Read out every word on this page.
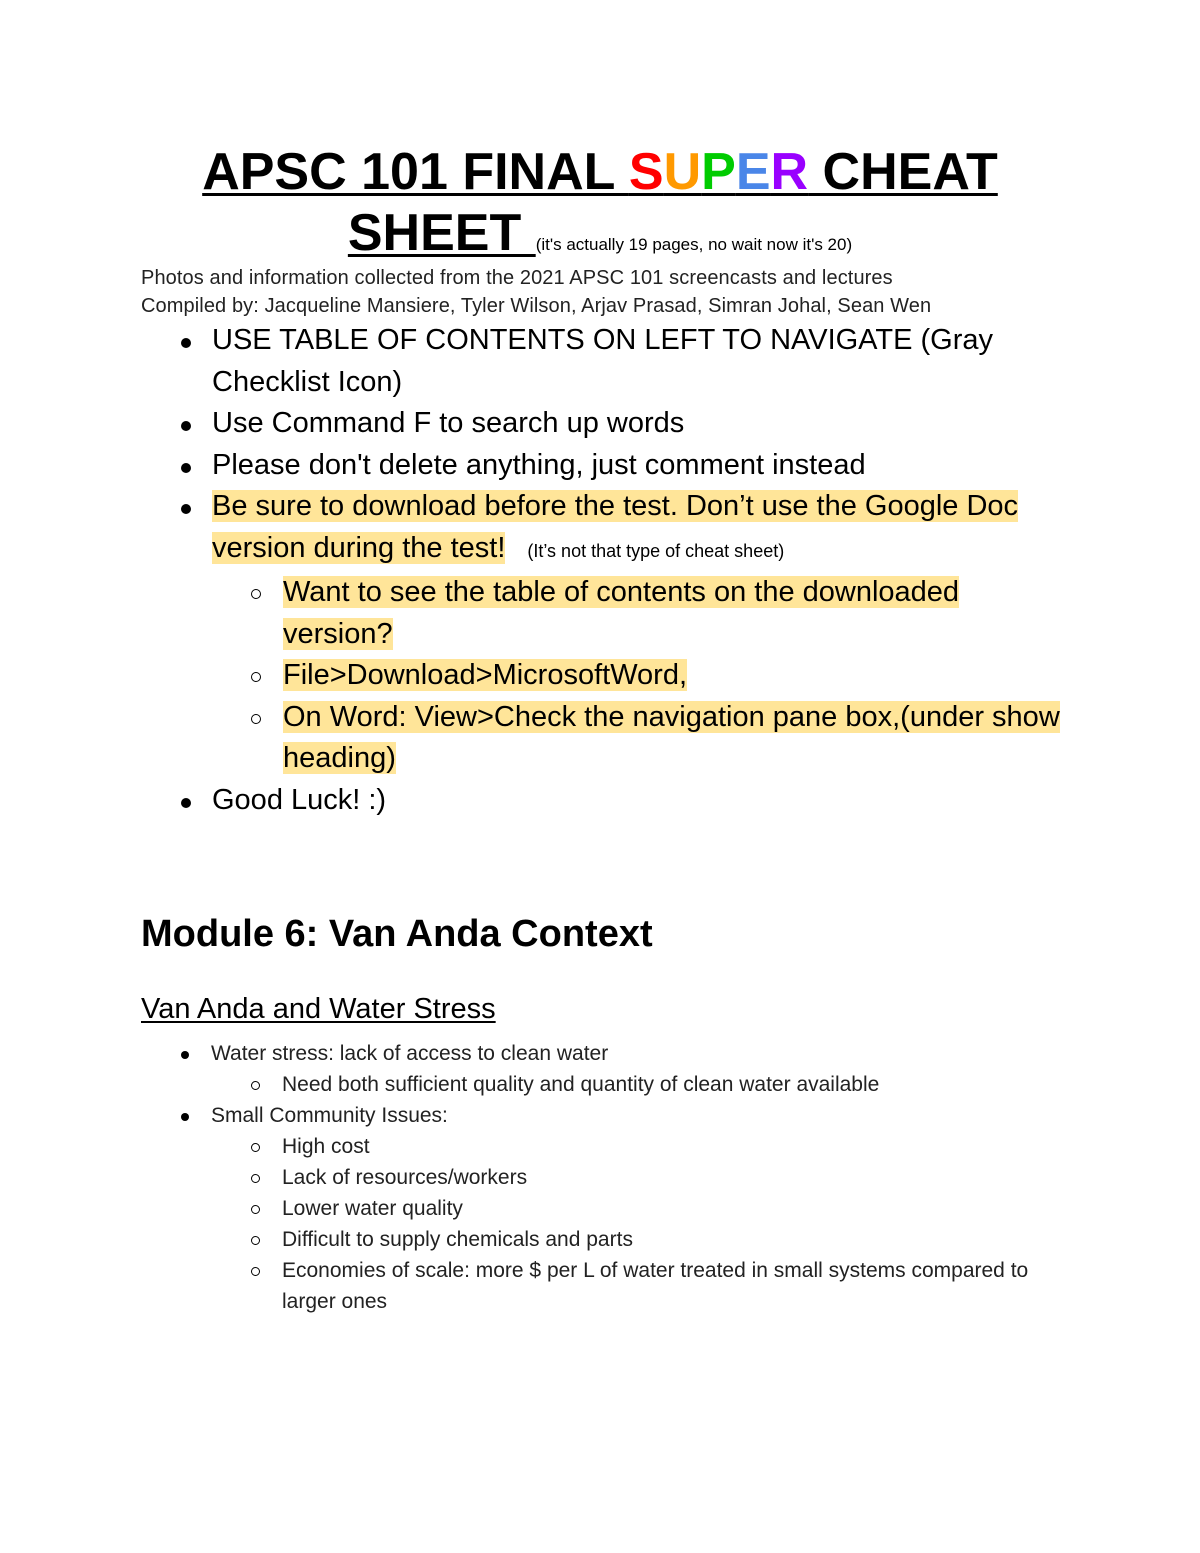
APSC 101 FINAL SUPER CHEAT
SHEET (it's actually 19 pages, no wait now it's 20)
Photos and information collected from the 2021 APSC 101 screencasts and lectures
Compiled by: Jacqueline Mansiere, Tyler Wilson, Arjav Prasad, Simran Johal, Sean Wen
USE TABLE OF CONTENTS ON LEFT TO NAVIGATE (Gray Checklist Icon)
Use Command F to search up words
Please don't delete anything, just comment instead
Be sure to download before the test. Don’t use the Google Doc version during the test! (It’s not that type of cheat sheet)
Want to see the table of contents on the downloaded version?
File>Download>MicrosoftWord,
On Word: View>Check the navigation pane box,(under show heading)
Good Luck! :)
Module 6: Van Anda Context
Van Anda and Water Stress
Water stress: lack of access to clean water
Need both sufficient quality and quantity of clean water available
Small Community Issues:
High cost
Lack of resources/workers
Lower water quality
Difficult to supply chemicals and parts
Economies of scale: more $ per L of water treated in small systems compared to larger ones
